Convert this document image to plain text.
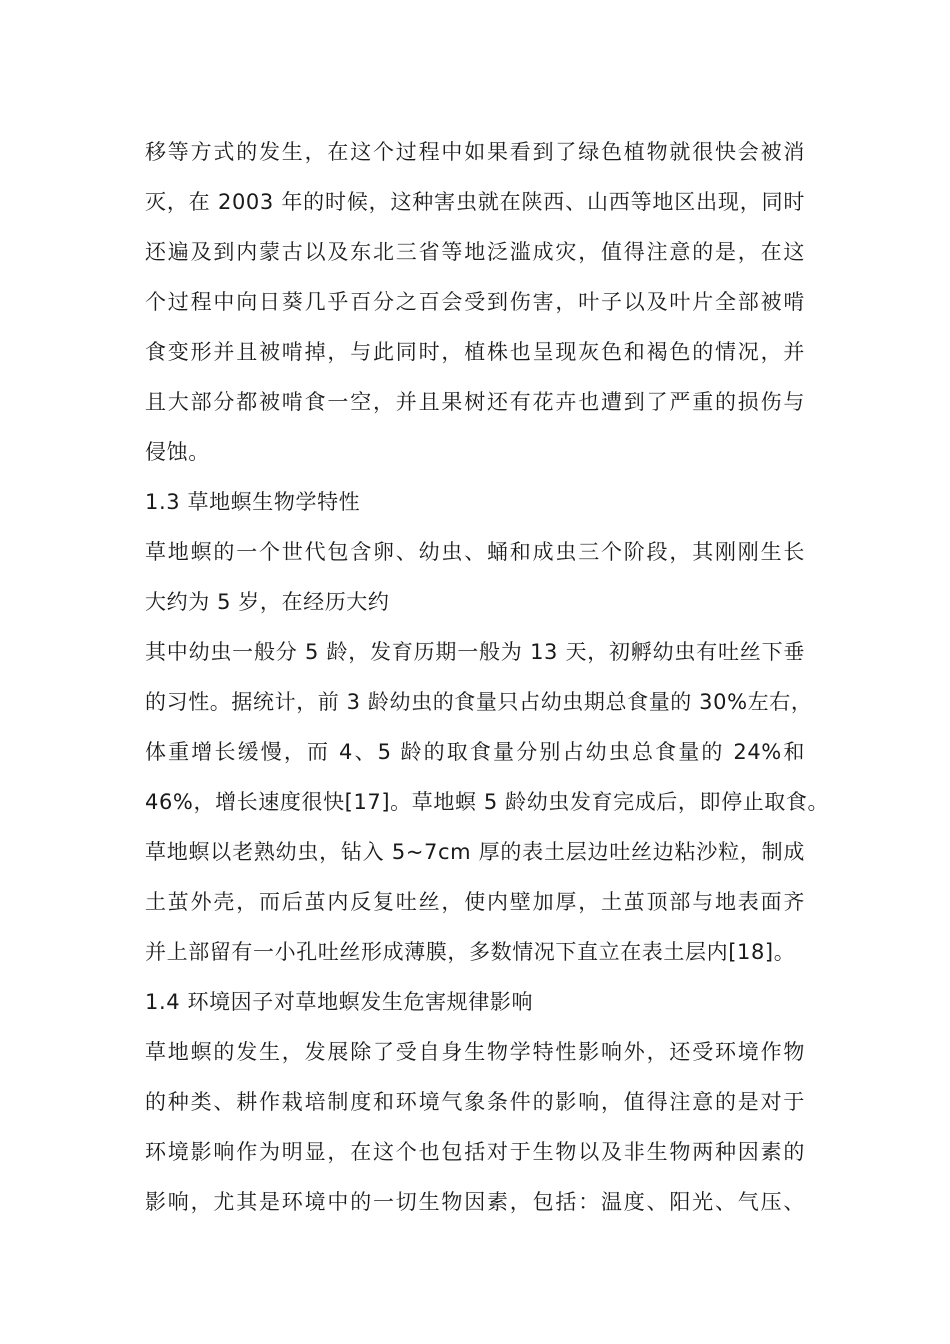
移等方式的发生，在这个过程中如果看到了绿色植物就很快会被消
灭，在 2003 年的时候，这种害虫就在陕西、山西等地区出现，同时
还遍及到内蒙古以及东北三省等地泛滥成灾，值得注意的是，在这
个过程中向日葵几乎百分之百会受到伤害，叶子以及叶片全部被啃
食变形并且被啃掉，与此同时，植株也呈现灰色和褐色的情况，并
且大部分都被啃食一空，并且果树还有花卉也遭到了严重的损伤与
侵蚀。
1.3 草地螟生物学特性
草地螟的一个世代包含卵、幼虫、蛹和成虫三个阶段，其刚刚生长
大约为 5 岁，在经历大约
其中幼虫一般分 5 龄，发育历期一般为 13 天，初孵幼虫有吐丝下垂
的习性。据统计，前 3 龄幼虫的食量只占幼虫期总食量的 30%左右，
体重增长缓慢，而 4、5 龄的取食量分别占幼虫总食量的 24%和
46%，增长速度很快[17]。草地螟 5 龄幼虫发育完成后，即停止取食。
草地螟以老熟幼虫，钻入 5~7cm 厚的表土层边吐丝边粘沙粒，制成
土茧外壳，而后茧内反复吐丝，使内壁加厚，土茧顶部与地表面齐
并上部留有一小孔吐丝形成薄膜，多数情况下直立在表土层内[18]。
1.4 环境因子对草地螟发生危害规律影响
草地螟的发生，发展除了受自身生物学特性影响外，还受环境作物
的种类、耕作栽培制度和环境气象条件的影响，值得注意的是对于
环境影响作为明显，在这个也包括对于生物以及非生物两种因素的
影响，尤其是环境中的一切生物因素，包括：温度、阳光、气压、
